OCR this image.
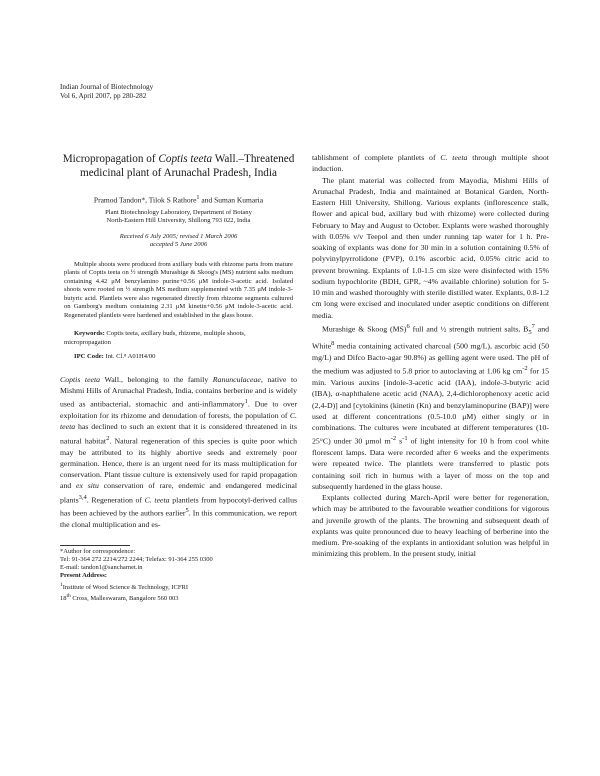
Indian Journal of Biotechnology
Vol 6, April 2007, pp 280-282
Micropropagation of Coptis teeta Wall.–Threatened medicinal plant of Arunachal Pradesh, India
Pramod Tandon*, Tilok S Rathore$^1$ and Suman Kumaria
Plant Biotechnology Laboratory, Department of Botany
North-Eastern Hill University, Shillong 793 022, India
Received 6 July 2005; revised 1 March 2006
accepted 5 June 2006

Multiple shoots were produced from axillary buds with rhizome parts from mature plants of Coptis teeta on ½ strength Murashige & Skoog's (MS) nutrient salts medium containing 4.42 μM benzylamino purine+0.56 μM indole-3-acetic acid. Isolated shoots were rooted on ½ strength MS medium supplemented with 7.35 μM indole-3-butyric acid. Plantlets were also regenerated directly from rhizome segments cultured on Gamborg's medium containing 2.31 μM kinetin+0.56 μM indole-3-acetic acid. Regenerated plantlets were hardened and established in the glass house.

Keywords: Coptis teeta, axillary buds, rhizome, multiple shoots, micropropagation
IPC Code: Int. Cl.⁸ A01H4/00

Coptis teeta Wall., belonging to the family Ranunculaceae, native to Mishmi Hills of Arunachal Pradesh, India, contains berberine and is widely used as antibacterial, stomachic and anti-inflammatory$^1$. Due to over exploitation for its rhizome and denudation of forests, the population of C. teeta has declined to such an extent that it is considered threatened in its natural habitat$^2$. Natural regeneration of this species is quite poor which may be attributed to its highly abortive seeds and extremely poor germination. Hence, there is an urgent need for its mass multiplication for conservation. Plant tissue culture is extensively used for rapid propagation and ex situ conservation of rare, endemic and endangered medicinal plants$^{3,4}$. Regeneration of C. teeta plantlets from hypocotyl-derived callus has been achieved by the authors earlier$^5$. In this communication, we report the clonal multiplication and es-

*Author for correspondence:
Tel: 91-364 272 2214/272 2244; Telefax: 91-364 255 0300
E-mail: tandon1@sancharnet.in
Present Address:
$^1$Institute of Wood Science & Technology, ICFRI
18th Cross, Malleswaram, Bangalore 560 003

tablishment of complete plantlets of C. teeta through multiple shoot induction.

The plant material was collected from Mayodia, Mishmi Hills of Arunachal Pradesh, India and maintained at Botanical Garden, North-Eastern Hill University, Shillong. Various explants (inflorescence stalk, flower and apical bud, axillary bud with rhizome) were collected during February to May and August to October. Explants were washed thoroughly with 0.05% v/v Teepol and then under running tap water for 1 h. Pre-soaking of explants was done for 30 min in a solution containing 0.5% of polyvinylpyrrolidone (PVP), 0.1% ascorbic acid, 0.05% citric acid to prevent browning. Explants of 1.0-1.5 cm size were disinfected with 15% sodium hypochlorite (BDH, GPR, ~4% available chlorine) solution for 5-10 min and washed thoroughly with sterile distilled water. Explants, 0.8-1.2 cm long were excised and inoculated under aseptic conditions on different media.

Murashige & Skoog (MS)$^6$ full and ½ strength nutrient salts, $B_5^7$ and White$^8$ media containing activated charcoal (500 mg/L), ascorbic acid (50 mg/L) and Difco Bacto-agar 90.8%) as gelling agent were used. The pH of the medium was adjusted to 5.8 prior to autoclaving at 1.06 kg $cm^{-2}$ for 15 min. Various auxins [indole-3-acetic acid (IAA), indole-3-butyric acid (IBA), α-naphthalene acetic acid (NAA), 2,4-dichlorophenoxy acetic acid (2,4-D)] and [cytokinins (kinetin (Kn) and benzylaminopurine (BAP)] were used at different concentrations (0.5-10.0 μM) either singly or in combinations. The cultures were incubated at different temperatures (10-25°C) under 30 μmol $m^{-2}$ $s^{-1}$ of light intensity for 10 h from cool white florescent lamps. Data were recorded after 6 weeks and the experiments were repeated twice. The plantlets were transferred to plastic pots containing soil rich in humus with a layer of moss on the top and subsequently hardened in the glass house.

Explants collected during March-April were better for regeneration, which may be attributed to the favourable weather conditions for vigorous and juvenile growth of the plants. The browning and subsequent death of explants was quite pronounced due to heavy leaching of berberine into the medium. Pre-soaking of the explants in antioxidant solution was helpful in minimizing this problem. In the present study, initial
